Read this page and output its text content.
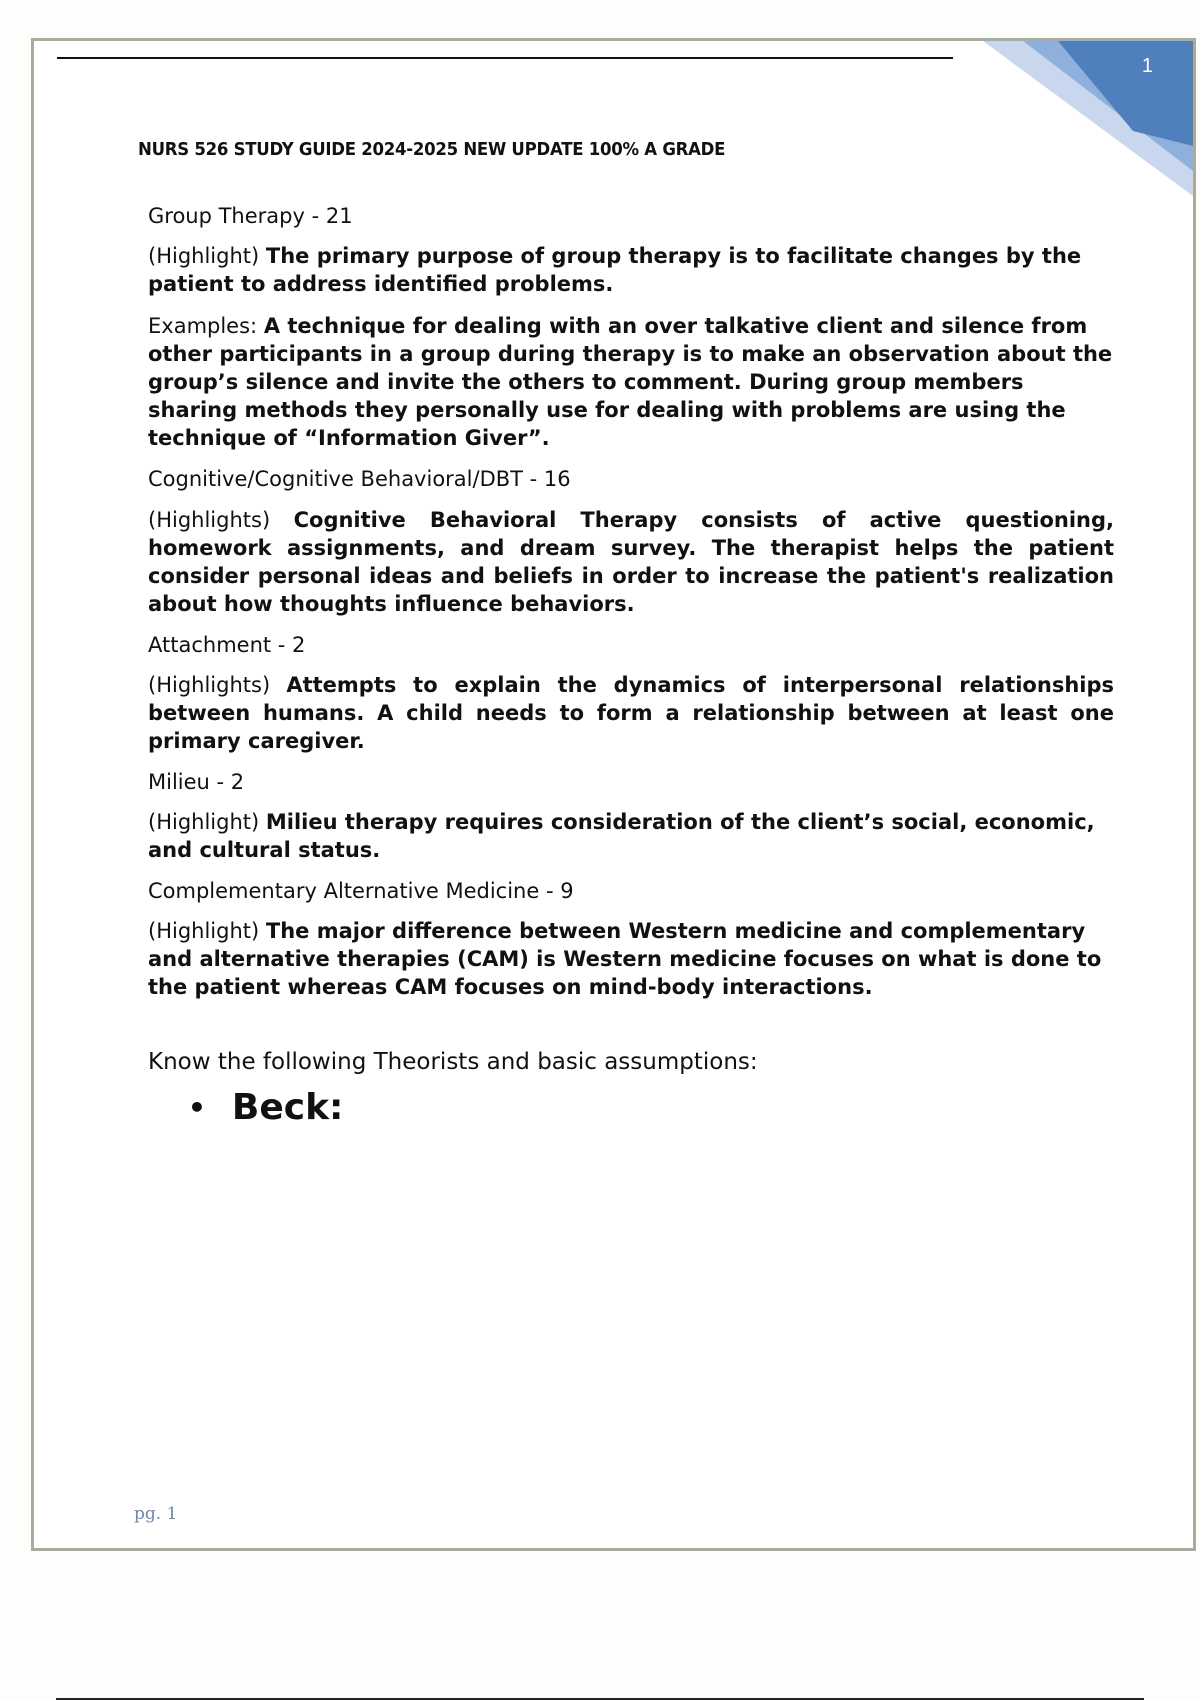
1
NURS 526 STUDY GUIDE 2024-2025 NEW UPDATE 100% A GRADE
Group Therapy - 21

(Highlight) The primary purpose of group therapy is to facilitate changes by the patient to address identified problems.

Examples: A technique for dealing with an over talkative client and silence from other participants in a group during therapy is to make an observation about the group’s silence and invite the others to comment. During group members sharing methods they personally use for dealing with problems are using the technique of “Information Giver”.

Cognitive/Cognitive Behavioral/DBT - 16

(Highlights) Cognitive Behavioral Therapy consists of active questioning, homework assignments, and dream survey. The therapist helps the patient consider personal ideas and beliefs in order to increase the patient's realization about how thoughts influence behaviors.

Attachment - 2

(Highlights) Attempts to explain the dynamics of interpersonal relationships between humans. A child needs to form a relationship between at least one primary caregiver.

Milieu - 2

(Highlight) Milieu therapy requires consideration of the client’s social, economic, and cultural status.

Complementary Alternative Medicine - 9

(Highlight) The major difference between Western medicine and complementary and alternative therapies (CAM) is Western medicine focuses on what is done to the patient whereas CAM focuses on mind-body interactions.

Know the following Theorists and basic assumptions:
• Beck:
pg. 1
